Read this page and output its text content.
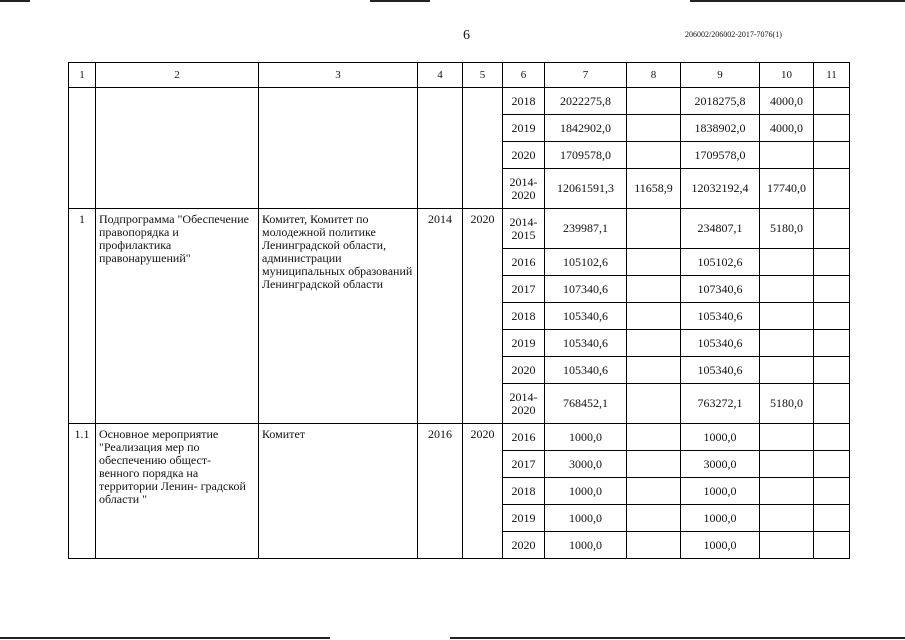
6	206002/206002-2017-7076(1)
1	2	3	4	5	6	7	8	9	10	11
					2018	2022275,8		2018275,8	4000,0	
					2019	1842902,0		1838902,0	4000,0	
					2020	1709578,0		1709578,0		
					2014-2020	12061591,3	11658,9	12032192,4	17740,0	
1	Подпрограмма "Обеспечение правопорядка и профилактика правонарушений"	Комитет, Комитет по молодежной политике Ленинградской области, администрации муниципальных образований Ленинградской области	2014	2020	2014-2015	239987,1		234807,1	5180,0	
					2016	105102,6		105102,6		
					2017	107340,6		107340,6		
					2018	105340,6		105340,6		
					2019	105340,6		105340,6		
					2020	105340,6		105340,6		
					2014-2020	768452,1		763272,1	5180,0	
1.1	Основное мероприятие "Реализация мер по обеспечению общест- венного порядка на территории Ленин- градской области "	Комитет	2016	2020	2016	1000,0		1000,0		
					2017	3000,0		3000,0		
					2018	1000,0		1000,0		
					2019	1000,0		1000,0		
					2020	1000,0		1000,0		
